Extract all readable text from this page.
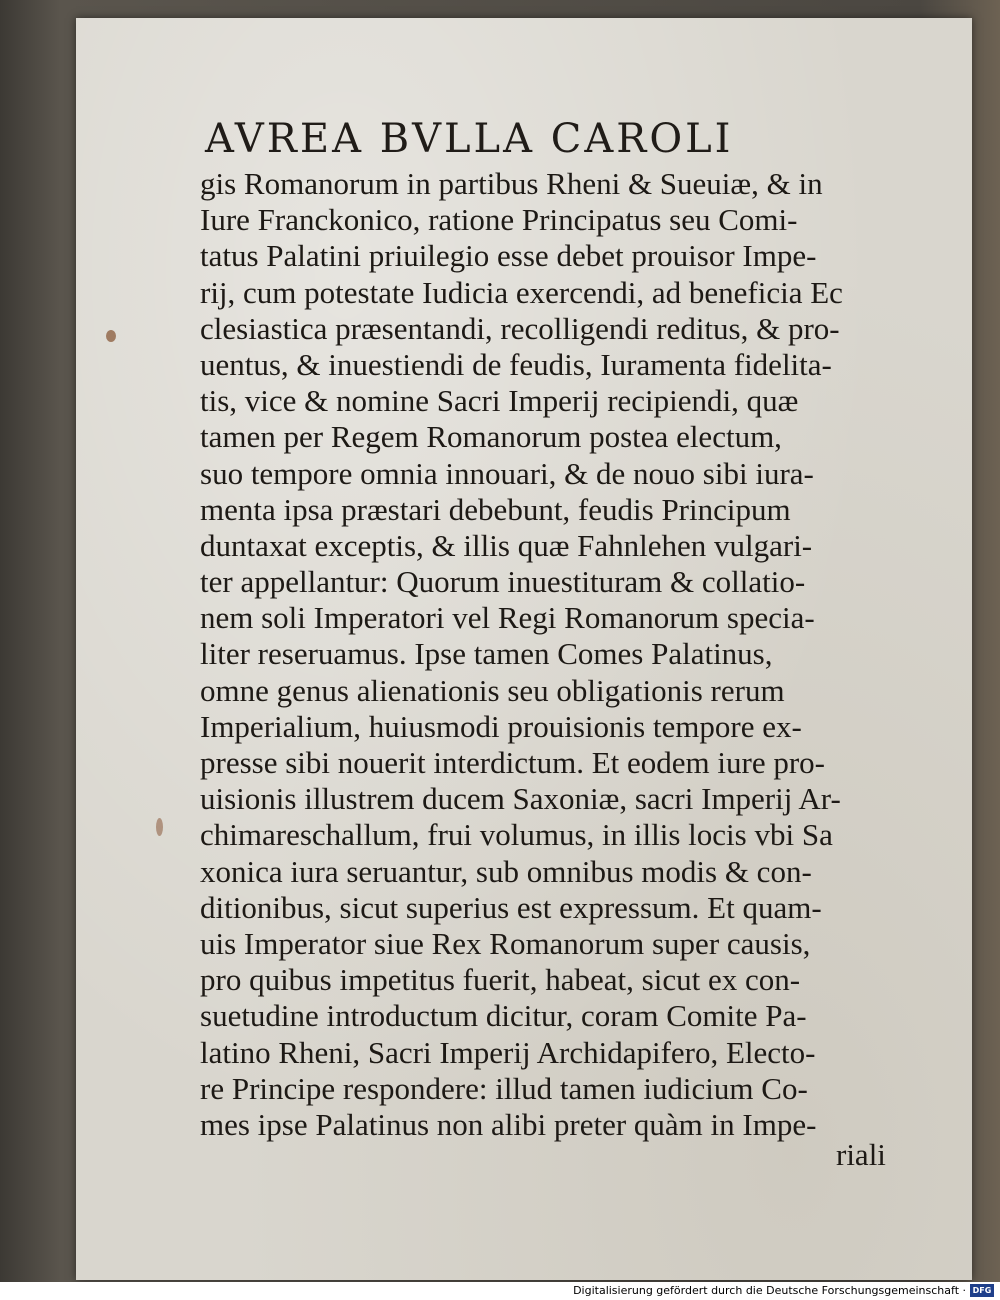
AVREA BVLLA CAROLI
gis Romanorum in partibus Rheni & Sueuiæ, & in
Iure Franckonico, ratione Principatus seu Comi-
tatus Palatini priuilegio esse debet prouisor Impe-
rij, cum potestate Iudicia exercendi, ad beneficia Ec
clesiastica præsentandi, recolligendi reditus, & pro-
uentus, & inuestiendi de feudis, Iuramenta fidelita-
tis, vice & nomine Sacri Imperij recipiendi, quæ
tamen per Regem Romanorum postea electum,
suo tempore omnia innouari, & de nouo sibi iura-
menta ipsa præstari debebunt, feudis Principum
duntaxat exceptis, & illis quæ Fahnlehen vulgari-
ter appellantur: Quorum inuestituram & collatio-
nem soli Imperatori vel Regi Romanorum specia-
liter reseruamus. Ipse tamen Comes Palatinus,
omne genus alienationis seu obligationis rerum
Imperialium, huiusmodi prouisionis tempore ex-
presse sibi nouerit interdictum. Et eodem iure pro-
uisionis illustrem ducem Saxoniæ, sacri Imperij Ar-
chimareschallum, frui volumus, in illis locis vbi Sa
xonica iura seruantur, sub omnibus modis & con-
ditionibus, sicut superius est expressum. Et quam-
uis Imperator siue Rex Romanorum super causis,
pro quibus impetitus fuerit, habeat, sicut ex con-
suetudine introductum dicitur, coram Comite Pa-
latino Rheni, Sacri Imperij Archidapifero, Electo-
re Principe respondere: illud tamen iudicium Co-
mes ipse Palatinus non alibi preter quàm in Impe-
riali
Digitalisierung gefördert durch die Deutsche Forschungsgemeinschaft · DFG
